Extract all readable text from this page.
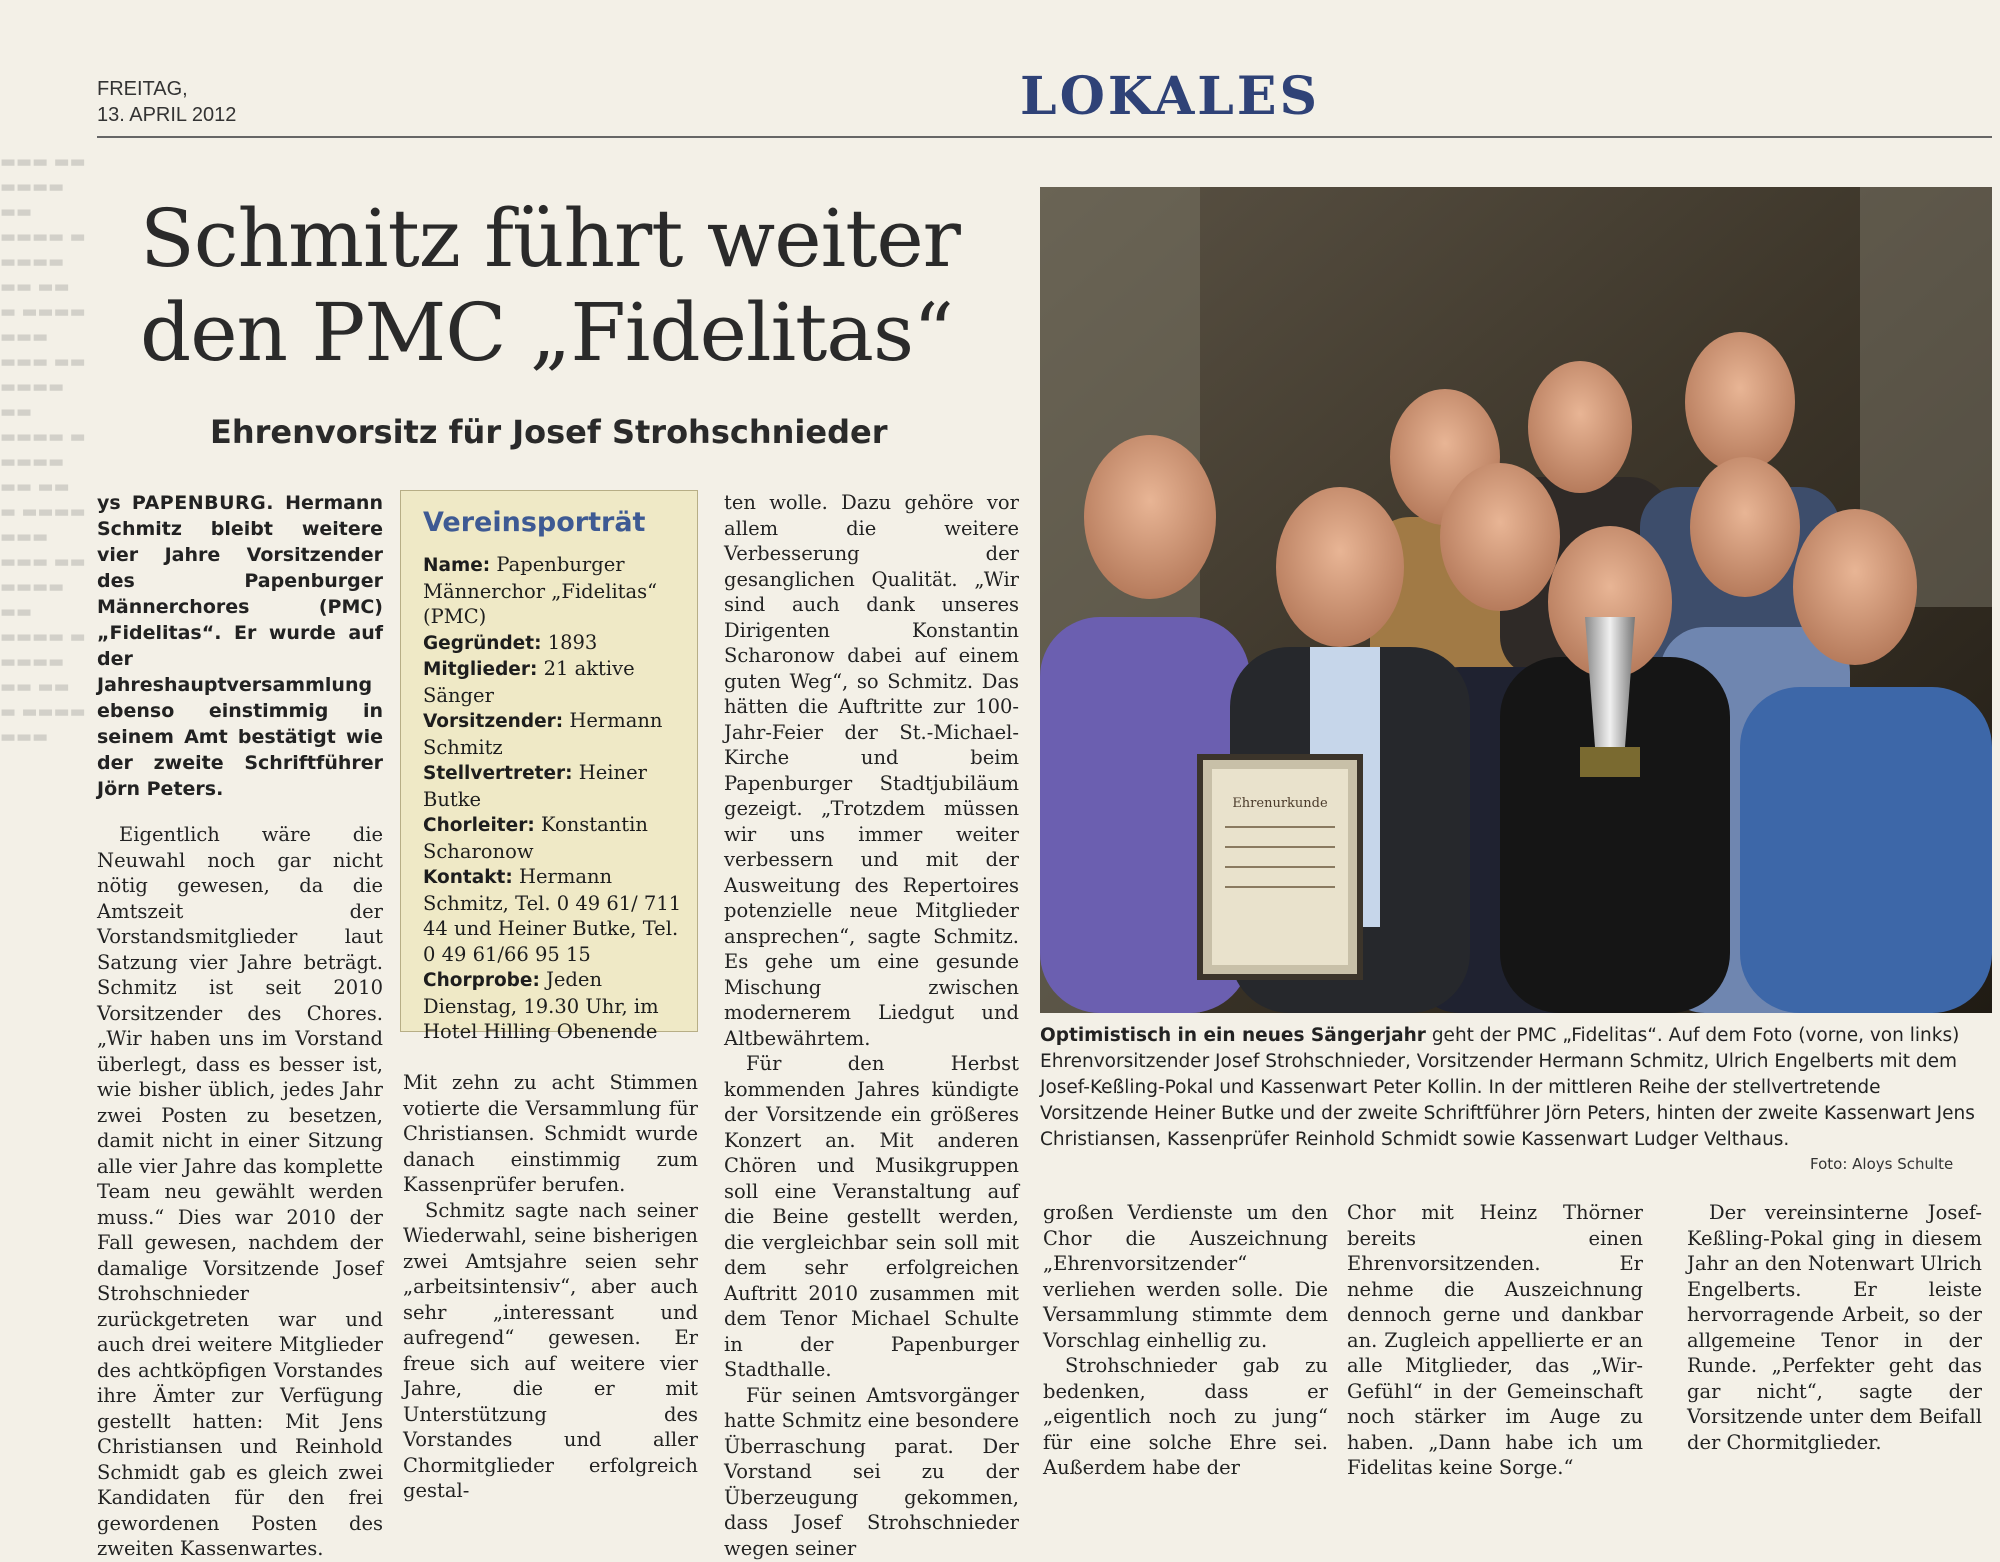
FREITAG,
13. APRIL 2012	LOKALES
▬▬▬ ▬▬ ▬▬▬▬
▬▬ ▬▬▬▬ ▬
▬▬▬▬ ▬▬ ▬▬
▬ ▬▬▬▬ ▬▬▬
▬▬▬ ▬▬ ▬▬▬▬
▬▬ ▬▬▬▬ ▬
▬▬▬▬ ▬▬ ▬▬
▬ ▬▬▬▬ ▬▬▬
▬▬▬ ▬▬ ▬▬▬▬
▬▬ ▬▬▬▬ ▬
▬▬▬▬ ▬▬ ▬▬
▬ ▬▬▬▬ ▬▬▬
Schmitz führt weiter
den PMC „Fidelitas“
Ehrenvorsitz für Josef Strohschnieder
ys PAPENBURG. Hermann Schmitz bleibt weitere vier Jahre Vorsitzender des Papenburger Männerchores (PMC) „Fidelitas“. Er wurde auf der Jahreshauptversammlung ebenso einstimmig in seinem Amt bestätigt wie der zweite Schriftführer Jörn Peters.

Eigentlich wäre die Neuwahl noch gar nicht nötig gewesen, da die Amtszeit der Vorstandsmitglieder laut Satzung vier Jahre beträgt. Schmitz ist seit 2010 Vorsitzender des Chores. „Wir haben uns im Vorstand überlegt, dass es besser ist, wie bisher üblich, jedes Jahr zwei Posten zu besetzen, damit nicht in einer Sitzung alle vier Jahre das komplette Team neu gewählt werden muss.“ Dies war 2010 der Fall gewesen, nachdem der damalige Vorsitzende Josef Strohschnieder zurückgetreten war und auch drei weitere Mitglieder des achtköpfigen Vorstandes ihre Ämter zur Verfügung gestellt hatten: Mit Jens Christiansen und Reinhold Schmidt gab es gleich zwei Kandidaten für den frei gewordenen Posten des zweiten Kassenwartes.

Vereinsporträt
Name: Papenburger Männerchor „Fidelitas“ (PMC)
Gegründet: 1893
Mitglieder: 21 aktive Sänger
Vorsitzender: Hermann Schmitz
Stellvertreter: Heiner Butke
Chorleiter: Konstantin Scharonow
Kontakt: Hermann Schmitz, Tel. 0 49 61/ 711 44 und Heiner Butke, Tel. 0 49 61/66 95 15
Chorprobe: Jeden Dienstag, 19.30 Uhr, im Hotel Hilling Obenende

Mit zehn zu acht Stimmen votierte die Versammlung für Christiansen. Schmidt wurde danach einstimmig zum Kassenprüfer berufen.

Schmitz sagte nach seiner Wiederwahl, seine bisherigen zwei Amtsjahre seien sehr „arbeitsintensiv“, aber auch sehr „interessant und aufregend“ gewesen. Er freue sich auf weitere vier Jahre, die er mit Unterstützung des Vorstandes und aller Chormitglieder erfolgreich gestal-

ten wolle. Dazu gehöre vor allem die weitere Verbesserung der gesanglichen Qualität. „Wir sind auch dank unseres Dirigenten Konstantin Scharonow dabei auf einem guten Weg“, so Schmitz. Das hätten die Auftritte zur 100-Jahr-Feier der St.-Michael-Kirche und beim Papenburger Stadtjubiläum gezeigt. „Trotzdem müssen wir uns immer weiter verbessern und mit der Ausweitung des Repertoires potenzielle neue Mitglieder ansprechen“, sagte Schmitz. Es gehe um eine gesunde Mischung zwischen modernerem Liedgut und Altbewährtem.

Für den Herbst kommenden Jahres kündigte der Vorsitzende ein größeres Konzert an. Mit anderen Chören und Musikgruppen soll eine Veranstaltung auf die Beine gestellt werden, die vergleichbar sein soll mit dem sehr erfolgreichen Auftritt 2010 zusammen mit dem Tenor Michael Schulte in der Papenburger Stadthalle.

Für seinen Amtsvorgänger hatte Schmitz eine besondere Überraschung parat. Der Vorstand sei zu der Überzeugung gekommen, dass Josef Strohschnieder wegen seiner

Ehrenurkunde
Optimistisch in ein neues Sängerjahr geht der PMC „Fidelitas“. Auf dem Foto (vorne, von links) Ehrenvorsitzender Josef Strohschnieder, Vorsitzender Hermann Schmitz, Ulrich Engelberts mit dem Josef-Keßling-Pokal und Kassenwart Peter Kollin. In der mittleren Reihe der stellvertretende Vorsitzende Heiner Butke und der zweite Schriftführer Jörn Peters, hinten der zweite Kassenwart Jens Christiansen, Kassenprüfer Reinhold Schmidt sowie Kassenwart Ludger Velthaus.
Foto: Aloys Schulte

großen Verdienste um den Chor die Auszeichnung „Ehrenvorsitzender“ verliehen werden solle. Die Versammlung stimmte dem Vorschlag einhellig zu.

Strohschnieder gab zu bedenken, dass er „eigentlich noch zu jung“ für eine solche Ehre sei. Außerdem habe der

Chor mit Heinz Thörner bereits einen Ehrenvorsitzenden. Er nehme die Auszeichnung dennoch gerne und dankbar an. Zugleich appellierte er an alle Mitglieder, das „Wir-Gefühl“ in der Gemeinschaft noch stärker im Auge zu haben. „Dann habe ich um Fidelitas keine Sorge.“

Der vereinsinterne Josef-Keßling-Pokal ging in diesem Jahr an den Notenwart Ulrich Engelberts. Er leiste hervorragende Arbeit, so der allgemeine Tenor in der Runde. „Perfekter geht das gar nicht“, sagte der Vorsitzende unter dem Beifall der Chormitglieder.
